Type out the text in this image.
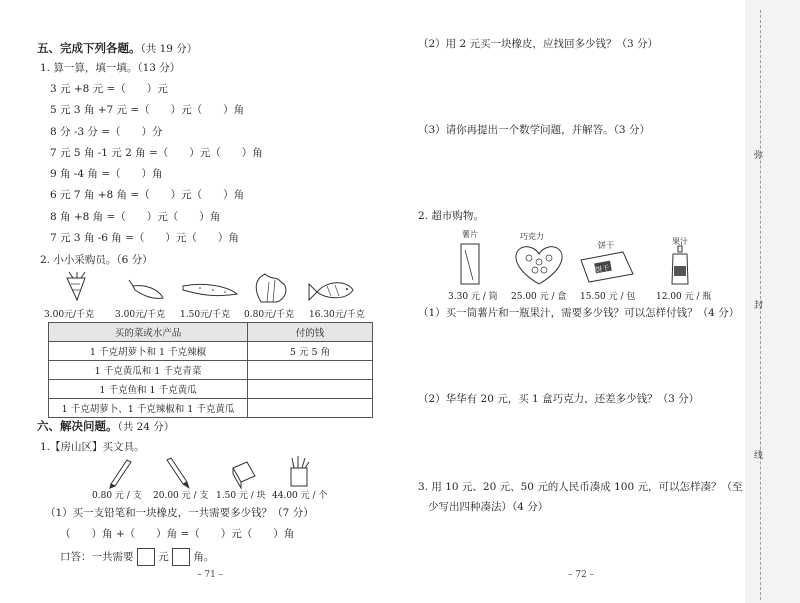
弥
封
线
五、完成下列各题。（共 19 分）
1. 算一算，填一填。（13 分）
3 元 +8 元 =（　　）元
5 元 3 角 +7 元 =（　　）元（　　）角
8 分 -3 分 =（　　）分
7 元 5 角 -1 元 2 角 =（　　）元（　　）角
9 角 -4 角 =（　　）角
6 元 7 角 +8 角 =（　　）元（　　）角
8 角 +8 角 =（　　）元（　　）角
7 元 3 角 -6 角 =（　　）元（　　）角
2. 小小采购员。（6 分）
3.00元/千克 3.00元/千克 1.50元/千克 0.80元/千克 16.30元/千克
买的菜或水产品	付的钱
1 千克胡萝卜和 1 千克辣椒	5 元 5 角
1 千克黄瓜和 1 千克青菜	
1 千克鱼和 1 千克黄瓜	
1 千克胡萝卜、1 千克辣椒和 1 千克黄瓜	
六、解决问题。（共 24 分）
1.【房山区】买文具。
0.80 元 / 支 20.00 元 / 支 1.50 元 / 块 44.00 元 / 个
（1）买一支铅笔和一块橡皮，一共需要多少钱？（7 分）
（　　）角 +（　　）角 =（　　）元（　　）角
口答：一共需要 元 角。
– 71 –
（2）用 2 元买一块橡皮，应找回多少钱？（3 分）
（3）请你再提出一个数学问题，并解答。（3 分）
2. 超市购物。
薯片	巧克力
饼干	果汁
饼干
3.30 元 / 筒 25.00 元 / 盒 15.50 元 / 包 12.00 元 / 瓶
（1）买一筒薯片和一瓶果汁，需要多少钱？可以怎样付钱？（4 分）
（2）华华有 20 元，买 1 盒巧克力，还差多少钱？（3 分）
3. 用 10 元、20 元、50 元的人民币凑成 100 元，可以怎样凑？（至
少写出四种凑法）（4 分）
– 72 –
